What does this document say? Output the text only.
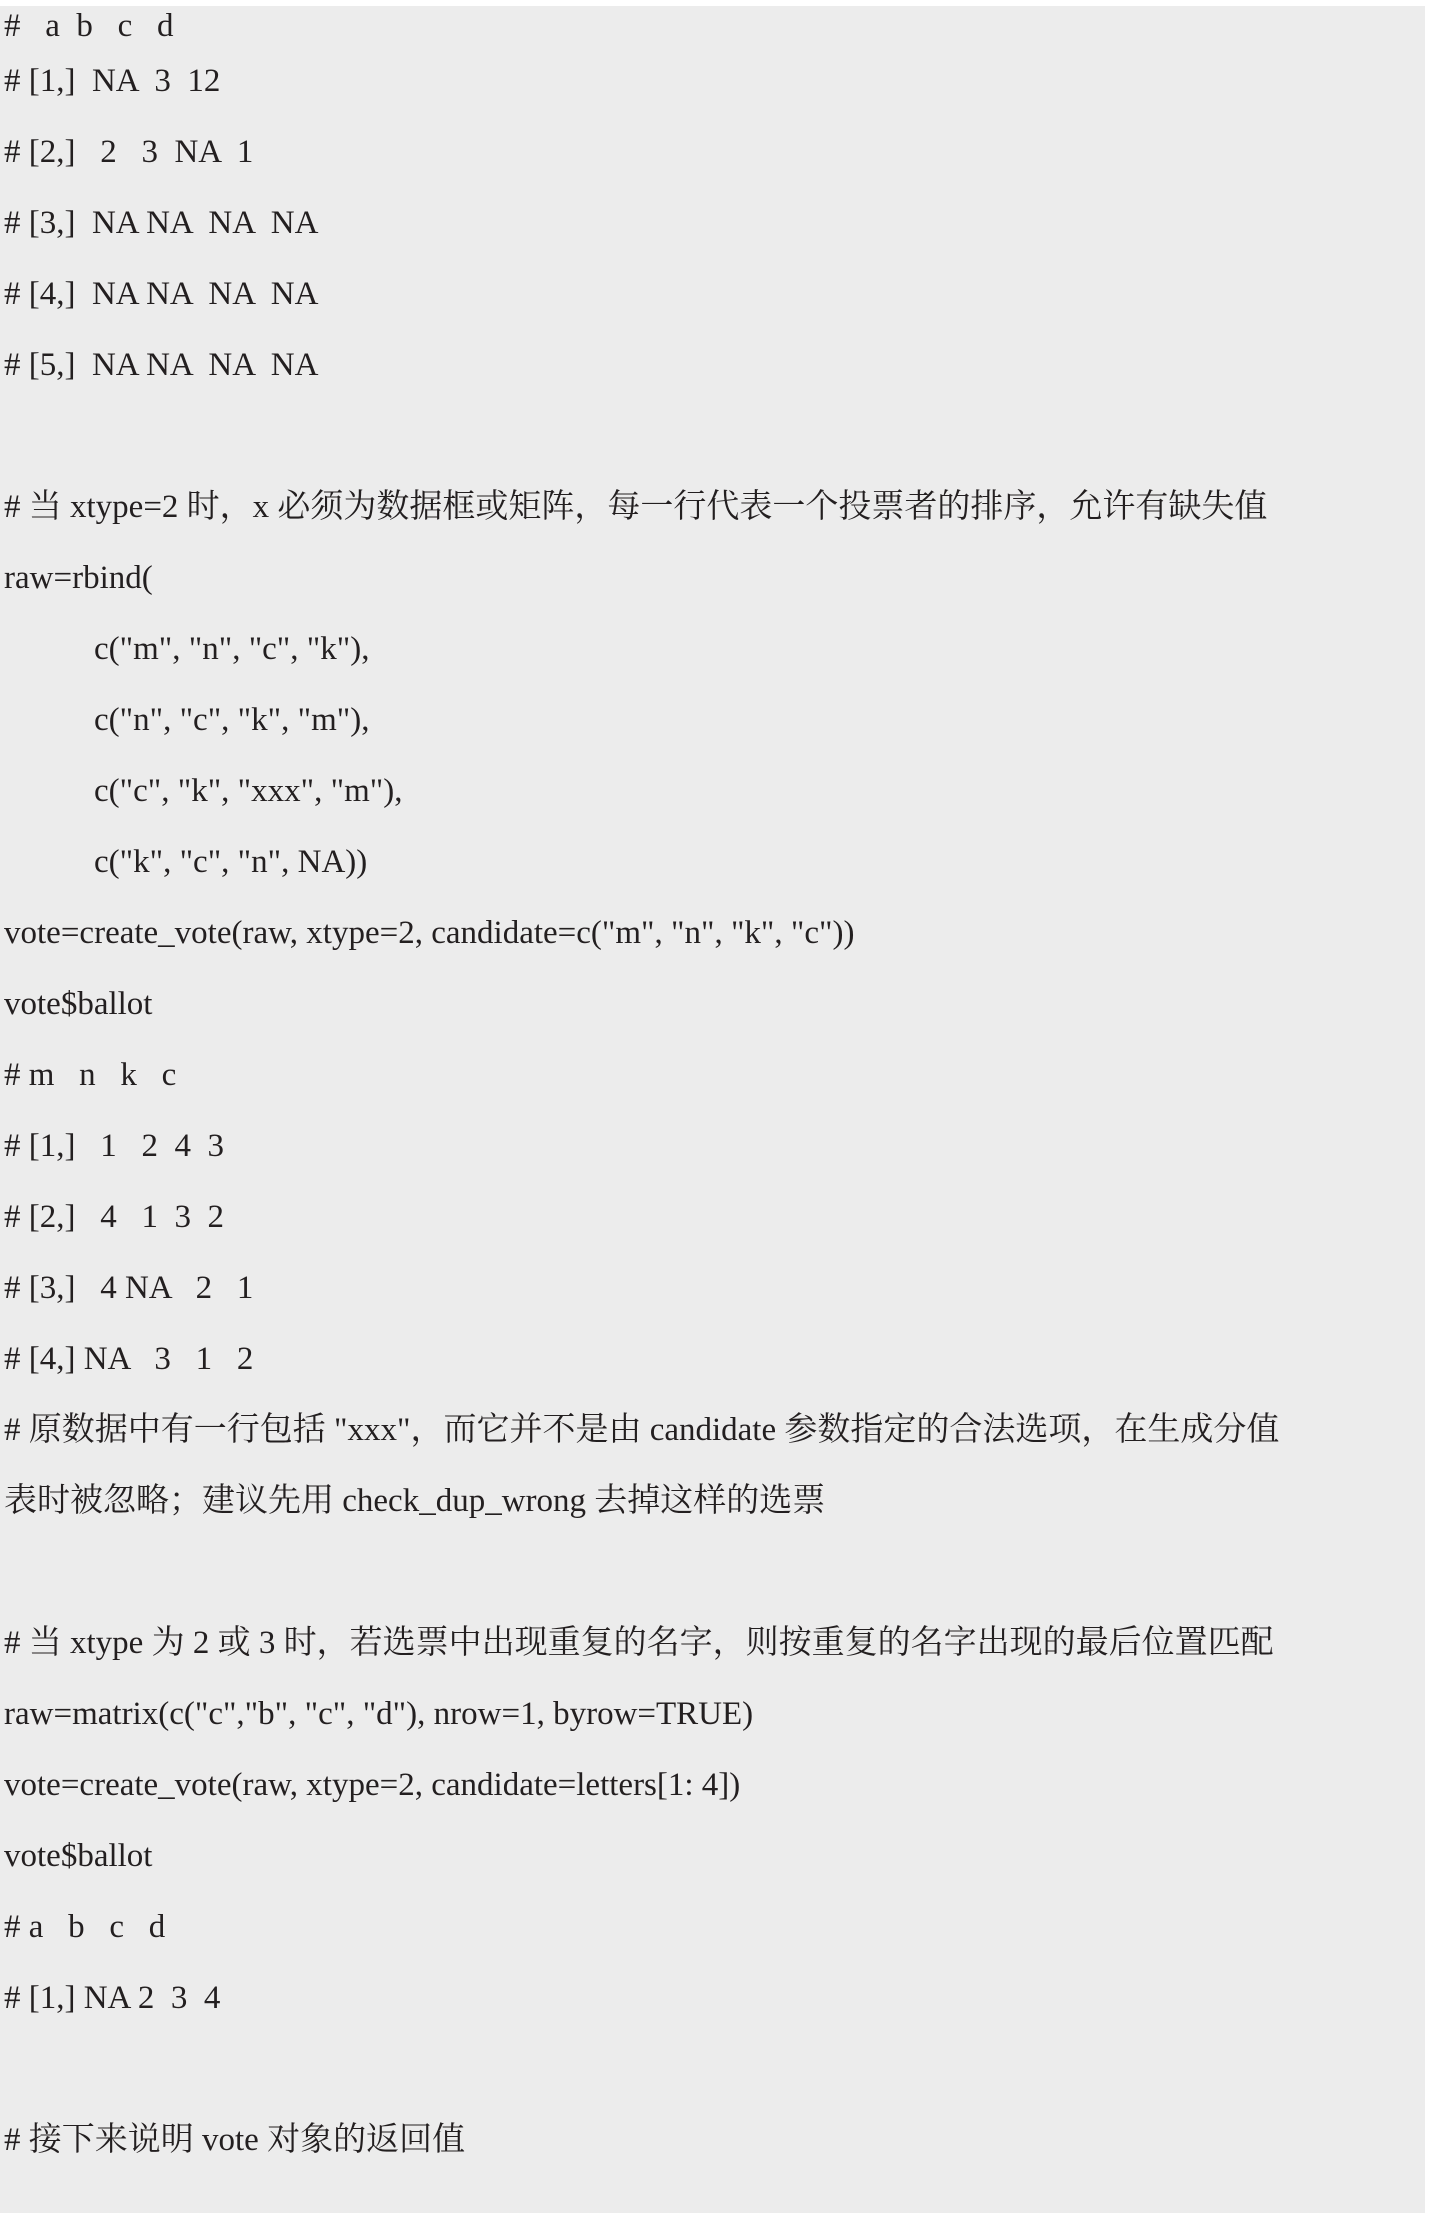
#   a  b   c   d
# [1,]  NA  3  12
# [2,]   2   3  NA  1
# [3,]  NA NA  NA  NA
# [4,]  NA NA  NA  NA
# [5,]  NA NA  NA  NA
# 当 xtype=2 时，x 必须为数据框或矩阵，每一行代表一个投票者的排序，允许有缺失值
raw=rbind(
c("m", "n", "c", "k"),
c("n", "c", "k", "m"),
c("c", "k", "xxx", "m"),
c("k", "c", "n", NA))
vote=create_vote(raw, xtype=2, candidate=c("m", "n", "k", "c"))
vote$ballot
# m   n   k   c
# [1,]   1   2  4  3
# [2,]   4   1  3  2
# [3,]   4 NA   2   1
# [4,] NA   3   1   2
# 原数据中有一行包括 "xxx"，而它并不是由 candidate 参数指定的合法选项，在生成分值
表时被忽略；建议先用 check_dup_wrong 去掉这样的选票
# 当 xtype 为 2 或 3 时，若选票中出现重复的名字，则按重复的名字出现的最后位置匹配
raw=matrix(c("c","b", "c", "d"), nrow=1, byrow=TRUE)
vote=create_vote(raw, xtype=2, candidate=letters[1: 4])
vote$ballot
# a   b   c   d
# [1,] NA 2  3  4
# 接下来说明 vote 对象的返回值
